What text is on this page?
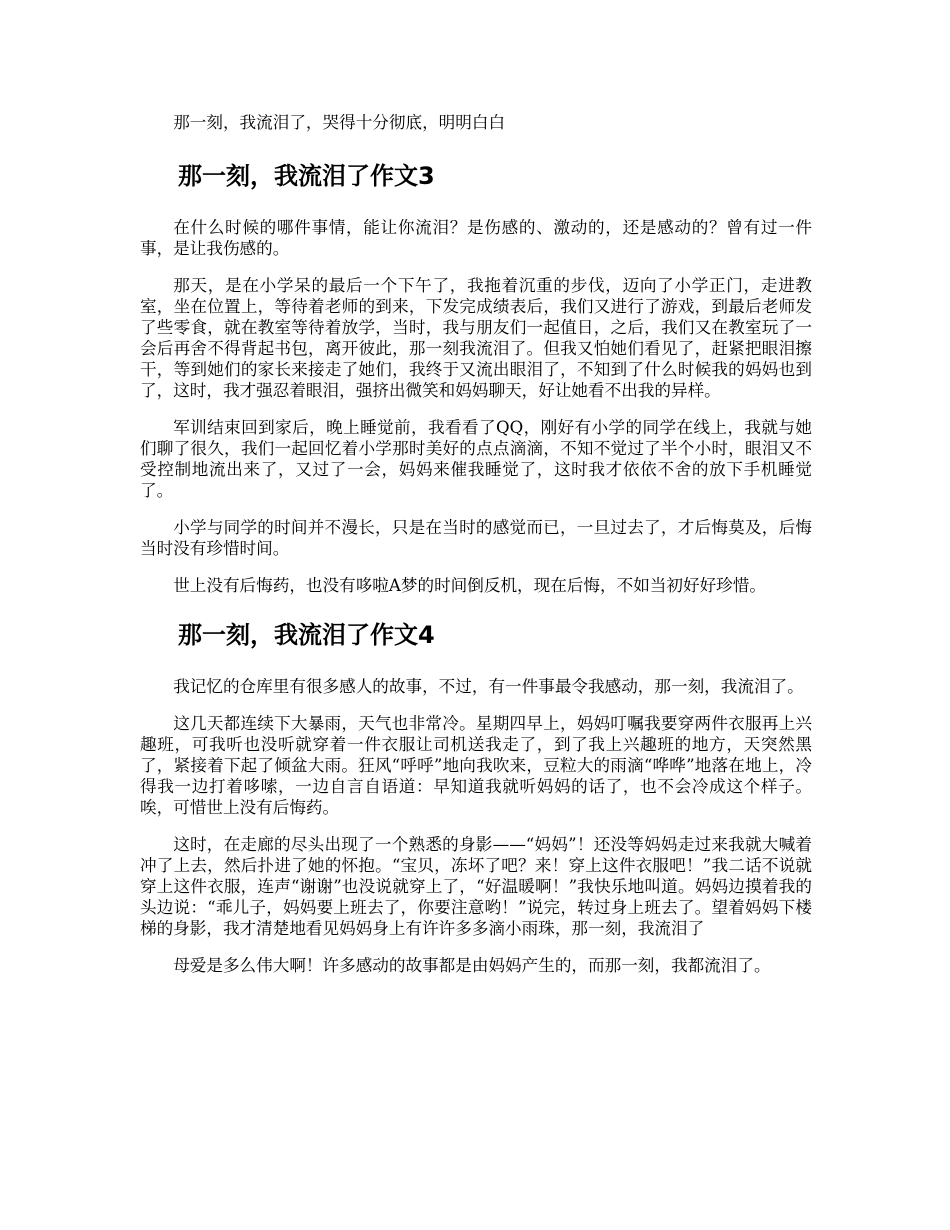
那一刻，我流泪了，哭得十分彻底，明明白白

那一刻，我流泪了作文3

在什么时候的哪件事情，能让你流泪？是伤感的、激动的，还是感动的？曾有过一件事，是让我伤感的。

那天，是在小学呆的最后一个下午了，我拖着沉重的步伐，迈向了小学正门，走进教室，坐在位置上，等待着老师的到来，下发完成绩表后，我们又进行了游戏，到最后老师发了些零食，就在教室等待着放学，当时，我与朋友们一起值日，之后，我们又在教室玩了一会后再舍不得背起书包，离开彼此，那一刻我流泪了。但我又怕她们看见了，赶紧把眼泪擦干，等到她们的家长来接走了她们，我终于又流出眼泪了，不知到了什么时候我的妈妈也到了，这时，我才强忍着眼泪，强挤出微笑和妈妈聊天，好让她看不出我的异样。

军训结束回到家后，晚上睡觉前，我看看了QQ，刚好有小学的同学在线上，我就与她们聊了很久，我们一起回忆着小学那时美好的点点滴滴，不知不觉过了半个小时，眼泪又不受控制地流出来了，又过了一会，妈妈来催我睡觉了，这时我才依依不舍的放下手机睡觉了。

小学与同学的时间并不漫长，只是在当时的感觉而已，一旦过去了，才后悔莫及，后悔当时没有珍惜时间。

世上没有后悔药，也没有哆啦A梦的时间倒反机，现在后悔，不如当初好好珍惜。

那一刻，我流泪了作文4

我记忆的仓库里有很多感人的故事，不过，有一件事最令我感动，那一刻，我流泪了。

这几天都连续下大暴雨，天气也非常冷。星期四早上，妈妈叮嘱我要穿两件衣服再上兴趣班，可我听也没听就穿着一件衣服让司机送我走了，到了我上兴趣班的地方，天突然黑了，紧接着下起了倾盆大雨。狂风“呼呼”地向我吹来，豆粒大的雨滴“哗哗”地落在地上，冷得我一边打着哆嗦，一边自言自语道：早知道我就听妈妈的话了，也不会冷成这个样子。唉，可惜世上没有后悔药。

这时，在走廊的尽头出现了一个熟悉的身影——“妈妈”！还没等妈妈走过来我就大喊着冲了上去，然后扑进了她的怀抱。“宝贝，冻坏了吧？来！穿上这件衣服吧！”我二话不说就穿上这件衣服，连声“谢谢”也没说就穿上了，“好温暖啊！”我快乐地叫道。妈妈边摸着我的头边说：“乖儿子，妈妈要上班去了，你要注意哟！”说完，转过身上班去了。望着妈妈下楼梯的身影，我才清楚地看见妈妈身上有许许多多滴小雨珠，那一刻，我流泪了

母爱是多么伟大啊！许多感动的故事都是由妈妈产生的，而那一刻，我都流泪了。
